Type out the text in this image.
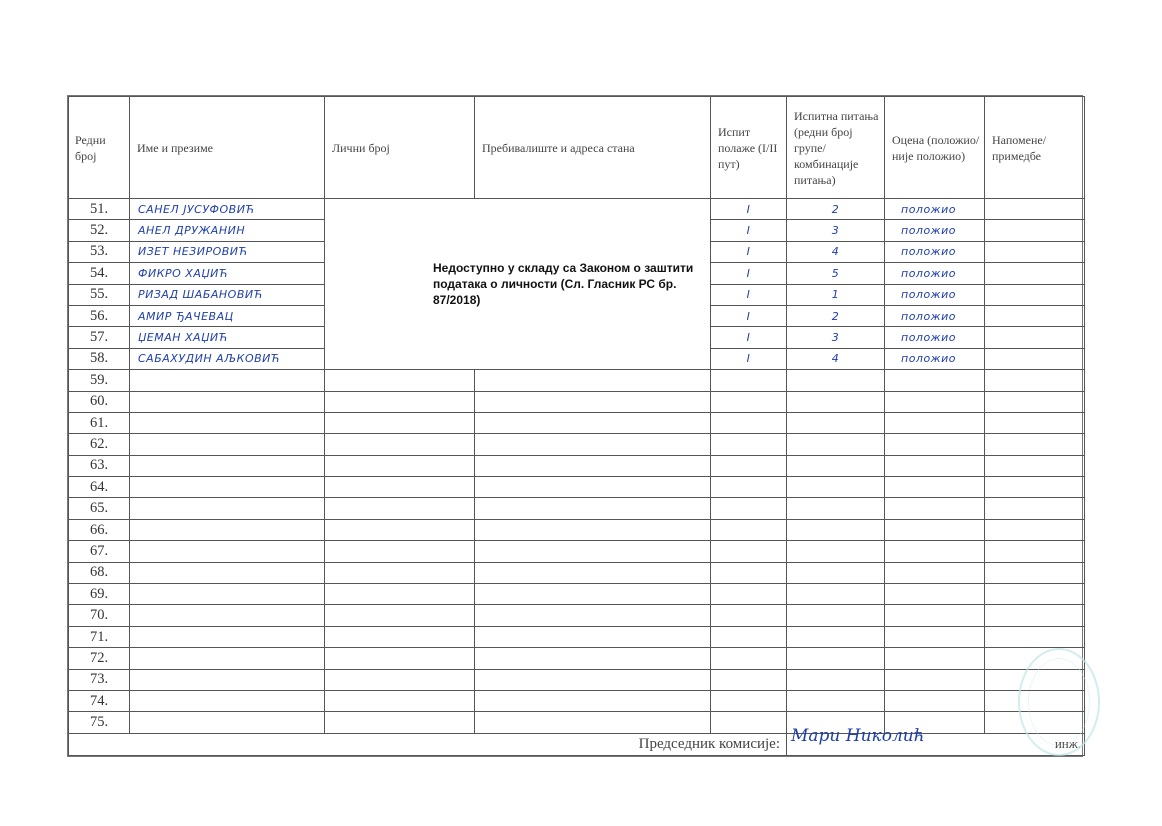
Редни број	Име и презиме	Лични број	Пребивалиште и адреса стана	Испит полаже (I/II пут)	Испитна питања (редни број групе/ комбинације питања)	Оцена (положио/ није положио)	Напомене/ примедбе
51.	САНЕЛ ЈУСУФОВИЋ	Недоступно у складу са Законом о заштити података о личности (Сл. Гласник РС бр. 87/2018)		I	2	положио	
52.	АНЕЛ ДРУЖАНИН			I	3	положио	
53.	ИЗЕТ НЕЗИРОВИЋ			I	4	положио	
54.	ФИКРО ХАЏИЋ			I	5	положио	
55.	РИЗАД ШАБАНОВИЋ			I	1	положио	
56.	АМИР ЂАЧЕВАЦ			I	2	положио	
57.	ЏЕМАН ХАЏИЋ			I	3	положио	
58.	САБАХУДИН АЉКОВИЋ			I	4	положио	
59.							
60.							
61.							
62.							
63.							
64.							
65.							
66.							
67.							
68.							
69.							
70.							
71.							
72.							
73.							
74.							
75.							
Председник комисије:					Мари Николић инж.		
